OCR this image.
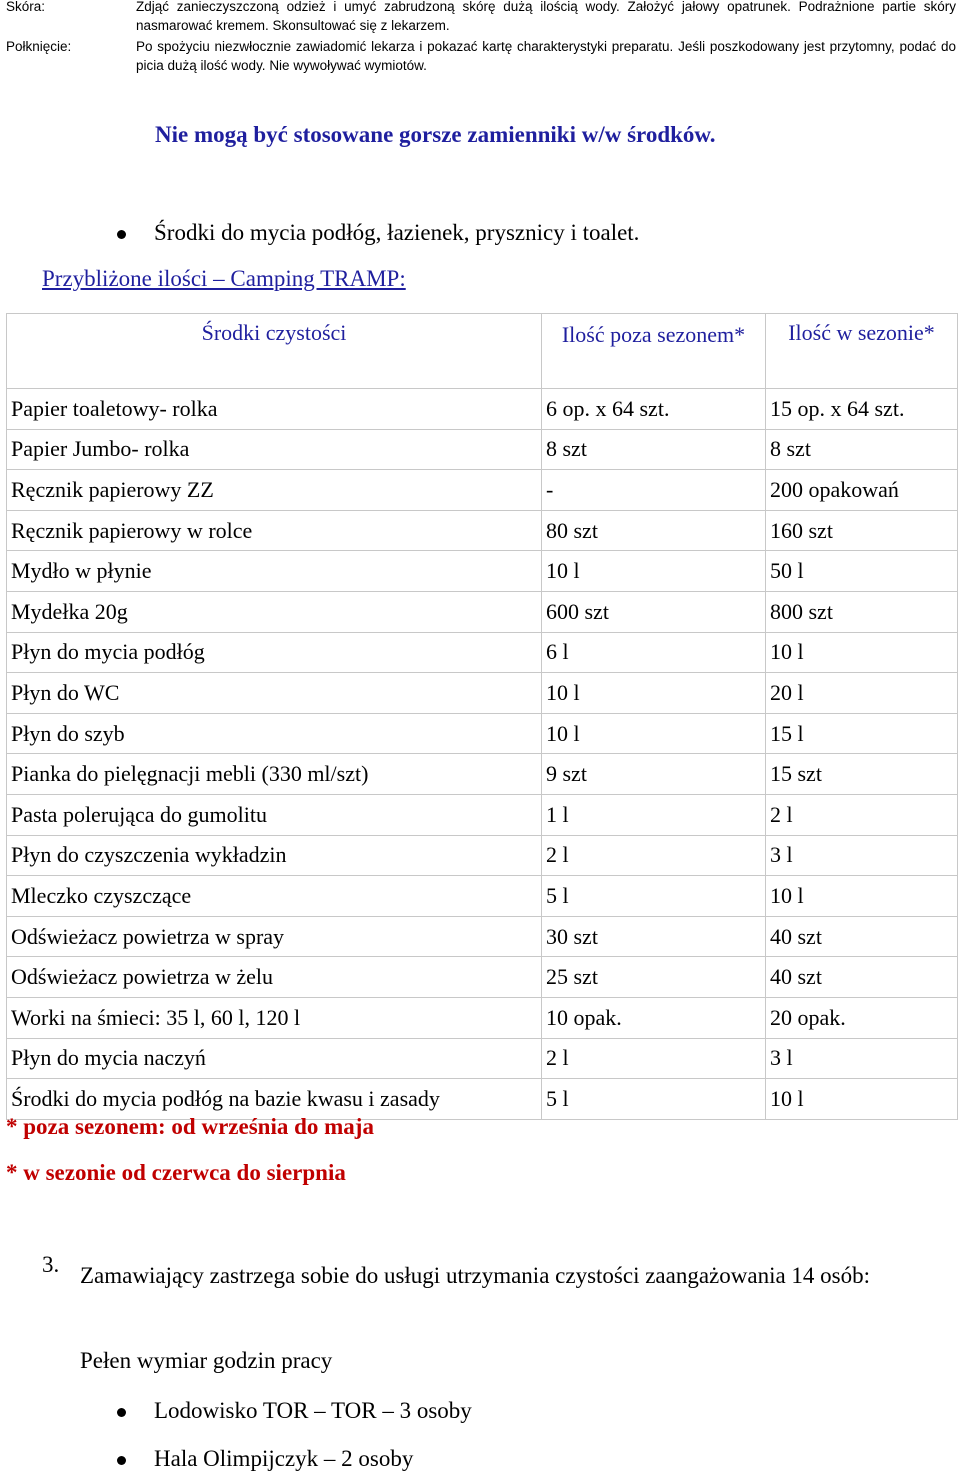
Skóra:	Zdjąć zanieczyszczoną odzież i umyć zabrudzoną skórę dużą ilością wody. Założyć jałowy opatrunek. Podrażnione partie skóry nasmarować kremem. Skonsultować się z lekarzem.
Połknięcie:	Po spożyciu niezwłocznie zawiadomić lekarza i pokazać kartę charakterystyki preparatu. Jeśli poszkodowany jest przytomny, podać do picia dużą ilość wody. Nie wywoływać wymiotów.
Nie mogą być stosowane gorsze zamienniki w/w środków.
Środki do mycia podłóg, łazienek, prysznicy i toalet.
Przybliżone ilości – Camping TRAMP:
Środki czystości	Ilość poza sezonem*	Ilość w sezonie*
Papier toaletowy- rolka	6 op. x 64 szt.	15 op. x 64 szt.
Papier Jumbo- rolka	8 szt	8 szt
Ręcznik papierowy ZZ	-	200 opakowań
Ręcznik papierowy w rolce	80 szt	160 szt
Mydło w płynie	10 l	50 l
Mydełka 20g	600 szt	800 szt
Płyn do mycia podłóg	6 l	10 l
Płyn do WC	10 l	20 l
Płyn do szyb	10 l	15 l
Pianka do pielęgnacji mebli (330 ml/szt)	9 szt	15 szt
Pasta polerująca do gumolitu	1 l	2 l
Płyn do czyszczenia wykładzin	2 l	3 l
Mleczko czyszczące	5 l	10 l
Odświeżacz powietrza w spray	30 szt	40 szt
Odświeżacz powietrza w żelu	25 szt	40 szt
Worki na śmieci: 35 l, 60 l, 120 l	10 opak.	20 opak.
Płyn do mycia naczyń	2 l	3 l
Środki do mycia podłóg na bazie kwasu i zasady	5 l	10 l
* poza sezonem: od września do maja
* w sezonie od czerwca do sierpnia
3. Zamawiający zastrzega sobie do usługi utrzymania czystości zaangażowania 14 osób:
Pełen wymiar godzin pracy
Lodowisko TOR – TOR – 3 osoby
Hala Olimpijczyk – 2 osoby
